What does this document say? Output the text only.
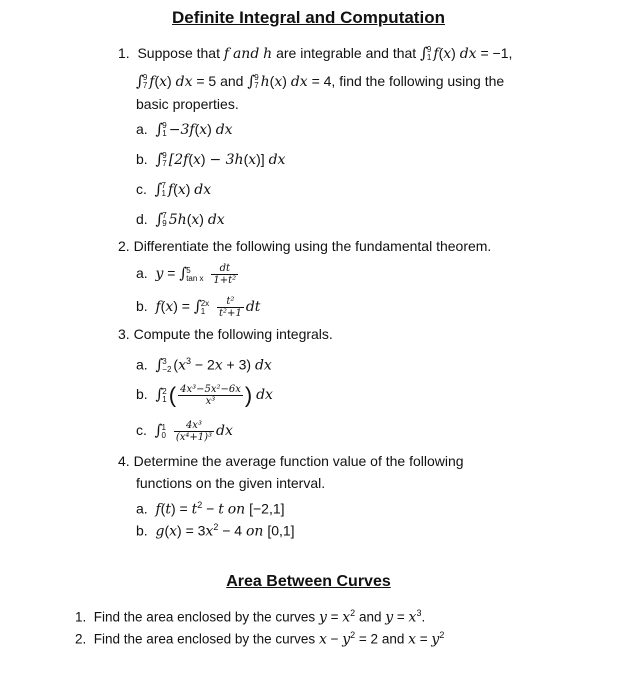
Definite Integral and Computation
1. Suppose that f and h are integrable and that ∫ 9
1 f(x) dx = −1,
∫ 9
7 f(x) dx = 5 and ∫ 9
7 h(x) dx = 4, find the following using the
basic properties.
a. ∫ 9
1 −3f(x) dx
b. ∫ 9
7 [2f(x) − 3h(x)] dx
c. ∫ 7
1 f(x) dx
d. ∫ 7
9 5h(x) dx
2. Differentiate the following using the fundamental theorem.
a. y = ∫ 5
tan x
$\frac{dt}{\text{1+t²}}$
b. f(x) = ∫ 2x
1
	$\frac{\text{t²}}{\text{t²+1}}$ dt
3. Compute the following integrals.
a. ∫ 3
−2 $(x^3 - 2x + 3)$ dx
b. ∫ 2
1 ( $\frac{\text{4x³−5x²−6x}}{\text{x³}}$ ) dx
c. ∫ 1
0
$\frac{\text{4x³}}{\text{(x⁴+1)³}}$ dx
4. Determine the average function value of the following
functions on the given interval.
a. $f(t) = t^2 - t$ on [−2,1]
b. $g(x) = 3x^2 - 4$ on [0,1]
Area Between Curves
1. Find the area enclosed by the curves $y = x^2$ and $y = x^3$.
2. Find the area enclosed by the curves $x - y^2 = 2$ and $x = y^2$
